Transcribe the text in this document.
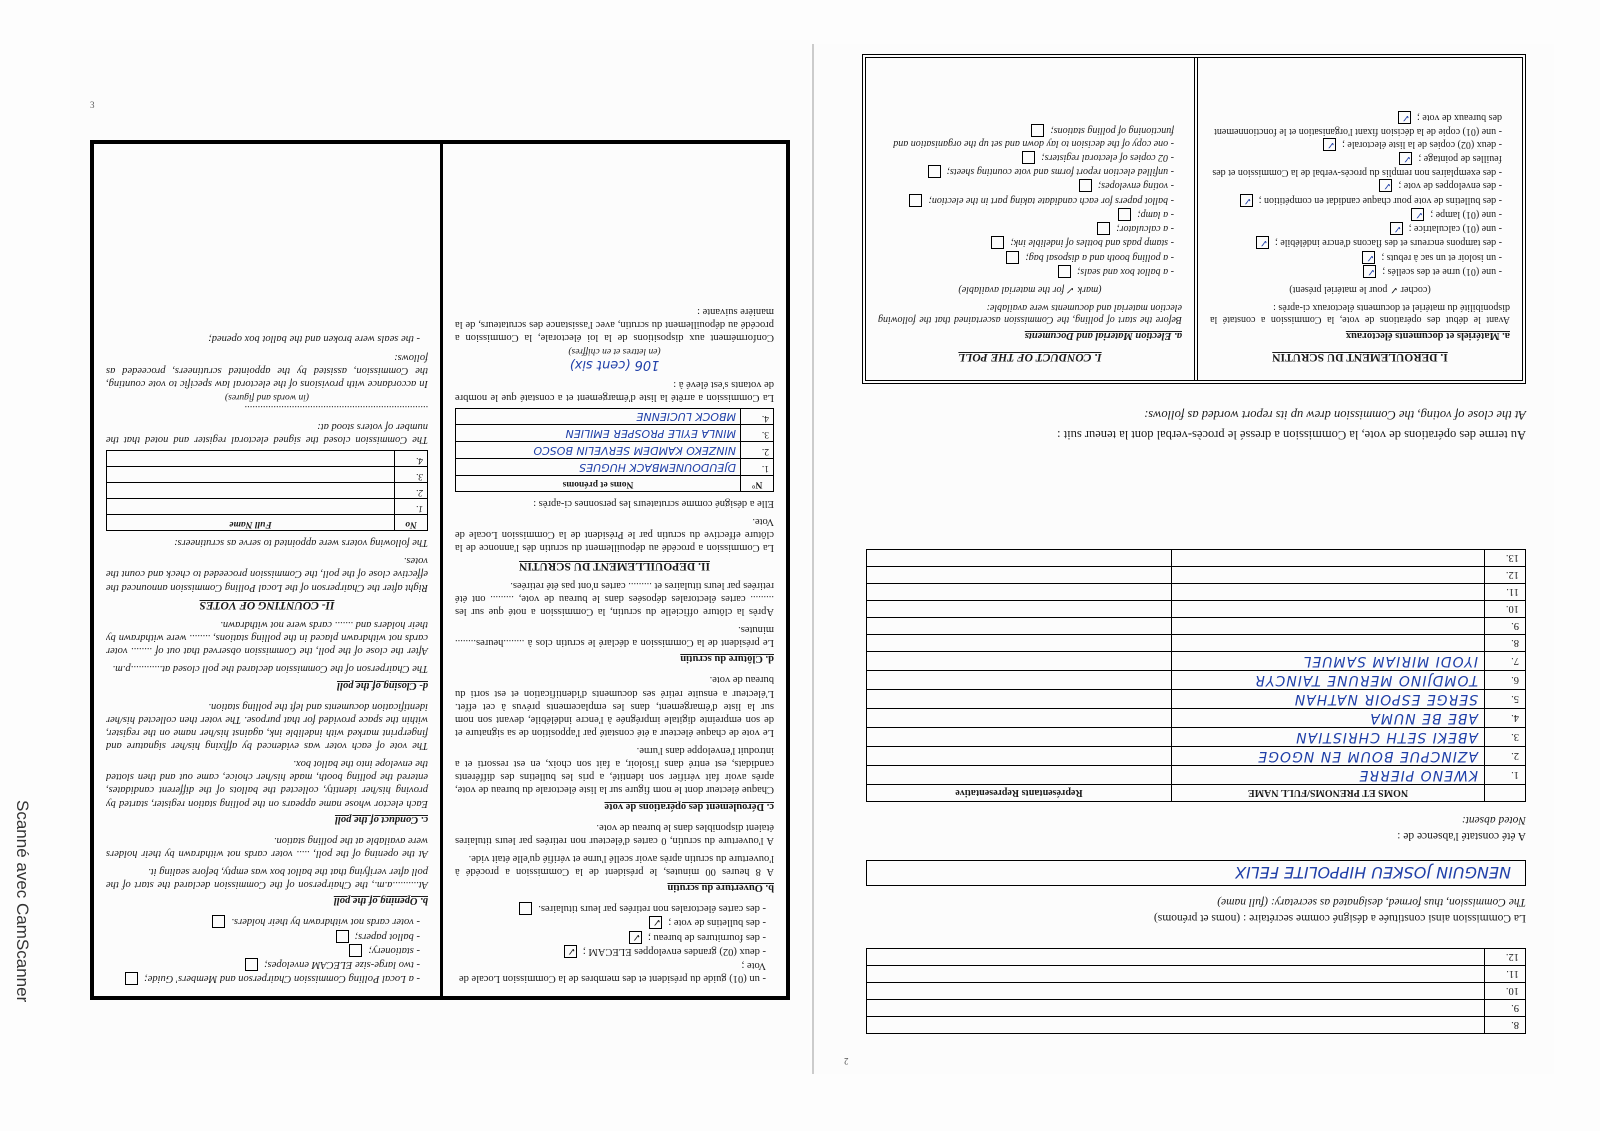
3
- un (01) guide du président et des membres de la Commission Locale de Vote ;
- deux (02) grandes enveloppes ELECAM ;✓
- des fournitures de bureau ;✓
- des bulletins de vote ;✓
- des cartes électorales non retirées par leurs titulaires.
b. Ouverture du scrutin

A 8 heures 00 minutes, le président de la Commission a procédé à l'ouverture du scrutin après avoir scellé l'urne et vérifié qu'elle était vide.

A l'ouverture du scrutin, 0 cartes d'électeur non retirées par leurs titulaires étaient disponibles dans le bureau de vote.

c. Déroulement des opérations de vote

Chaque électeur dont le nom figure sur la liste électorale du bureau de vote, après avoir fait vérifier son identité, a pris les bulletins des différents candidats, est entré dans l'isoloir, a fait son choix, en est ressorti et a introduit l'enveloppe dans l'urne.

Le vote de chaque électeur a été constaté par l'apposition de sa signature et de son empreinte digitale imprégnée à l'encre indélébile, devant son nom sur la liste d'émargement, dans les emplacements prévus à cet effet. L'électeur a ensuite retiré ses documents d'identification et est sorti du bureau de vote.

d. Clôture du scrutin

Le président de la Commission a déclaré le scrutin clos à ........heures........ minutes.

Après la clôture officielle du scrutin, la Commission a noté que sur les ......... cartes électorales déposées dans le bureau de vote, ......... ont été retirées par leurs titulaires et ......... cartes n'ont pas été retirées.

II. DEPOUILLEMENT DU SCRUTIN

La Commission a procédé au dépouillement du scrutin dès l'annonce de la clôture effective du scrutin par le Président de la Commission Locale de Vote.

Elle a désigné comme scrutateurs les personnes ci-après :

N°	Noms et prénoms
1.	DJEUDOUNEMBACK HUGUES
2.	NINZEKO KAMDEM SERVELIN BOSCO
3.	MINLA EYILE PROSPER EMILIEN
4.	MBOCK LUCIENNE

La Commission a arrêté la liste d'émargement et a constaté que le nombre de votants s'est élevé à :

106 (cent six)
(en lettres et en chiffres)

Conformément aux dispositions de la loi électorale, la Commission a procédé au dépouillement du scrutin, avec l'assistance des scrutateurs, de la manière suivante :

- a Local Polling Commission Chairperson and Members' Guide;
- two large-size ELECAM envelopes;
- stationery;
- ballot papers;
- voter cards not withdrawn by their holders.
b. Opening of the poll

At..........a.m., the Chairperson of the Commission declared the start of the poll after verifying that the ballot box was empty, before sealing it.

At the opening of the poll, ..... voter cards not withdrawn by their holders were available at the polling station.

c. Conduct of the poll

Each elector whose name appears on the polling station register, started by proving his/her identity, collected the ballots of the different candidates, entered the polling booth, made his/her choice, came out and then slotted the envelope into the ballot box.

The vote of each voter was evidenced by affixing his/her signature and fingerprint marked with indelible ink, against his/her name on the register, within the space provided for that purpose. The voter then collected his/her identification documents and left the polling station.

d- Closing of the poll

The Chairperson of the Commission declared the poll closed at............p.m.

After the close of the poll, the Commission observed that out of ........ voter cards not withdrawn placed in the polling stations, ........ were withdrawn by their holders and ....... cards were not withdrawn.

II- COUNTING OF VOTES

Right after the Chairperson of the Local Polling Commission announced the effective close of the poll, the Commission proceeded to check and count the votes.

The following voters were appointed to serve as scrutineers:

No	Full Name
1.	
2.	
3.	
4.	

The Commission closed the signed electoral register and noted that the number of voters stood at:

......................................................................
(in words and figures)

In accordance with provisions of the electoral law specific to vote counting, the Commission, assisted by the appointed scrutineers, proceeded as follows:

- the seals were broken and the ballot box opened;
2
8.	
9.	
10.	
11.	
12.	
La Commission ainsi constituée a désigné comme secrétaire : (noms et prénoms)
The Commission, thus formed, designated as secretary: (full name)
NENGUIN JOSKEU HIPPOLITE FELIX
A été constaté l'absence de :
Noted absent:
	NOMS ET PRENOMS/FULL NAME	Représentants Representative
1.	KWENO PIERRE	
2.	AZINCPUE BOUM EN NGOGE	
3.	ABEKI SETH CHRISTIAN	
4.	ABE BE NUMA	
5.	SERGE ESPOIR NATHAN	
6.	TOMDJINO MERUNE TAINCYR	
7.	IYODI MIRIAM SAMUEL	
8.		
9.		
10.		
11.		
12.		
13.		
Au terme des opérations de vote, la Commission a dressé le procès-verbal dont la teneur suit :
At the close of voting, the Commission drew up its report worded as follows:
I. DEROULEMENT DU SCRUTIN
a. Matériels et documents électoraux

Avant le début des opérations de vote, la Commission a constaté la disponibilité du matériel et documents électoraux ci-après :

(cocher ✓ pour le matériel présent)

- une (01) urne et des scellés ;✓
- un isoloir et un sac à rebuts ;✓
- des tampons encreurs et des flacons d'encre indélébile ;✓
- une (01) calculatrice ;✓
- une (01) lampe ;✓
- des bulletins de vote pour chaque candidat en compétition ;✓
- des enveloppes de vote ;✓
- des exemplaires non remplis du procès-verbal de la Commission et des feuilles de pointage ;✓
- deux (02) copies de la liste électorale ;✓
- une (01) copie de la décision fixant l'organisation et le fonctionnement des bureaux de vote ;✓
I. CONDUCT OF THE POLL
a. Election Material and Documents

Before the start of polling, the Commission ascertained that the following election material and documents were available:

(mark ✓ for the material available)

- a ballot box and seals;
- a polling booth and a disposal bag;
- stamp pads and bottles of indelible ink;
- a calculator;
- a lamp;
- ballot papers for each candidate taking part in the election;
- voting envelopes;
- unfilled election report forms and vote counting sheets;
- 02 copies of electoral registers;
- one copy of the decision to lay down and set up the organisation and functioning of polling stations;
Scanné avec CamScanner
